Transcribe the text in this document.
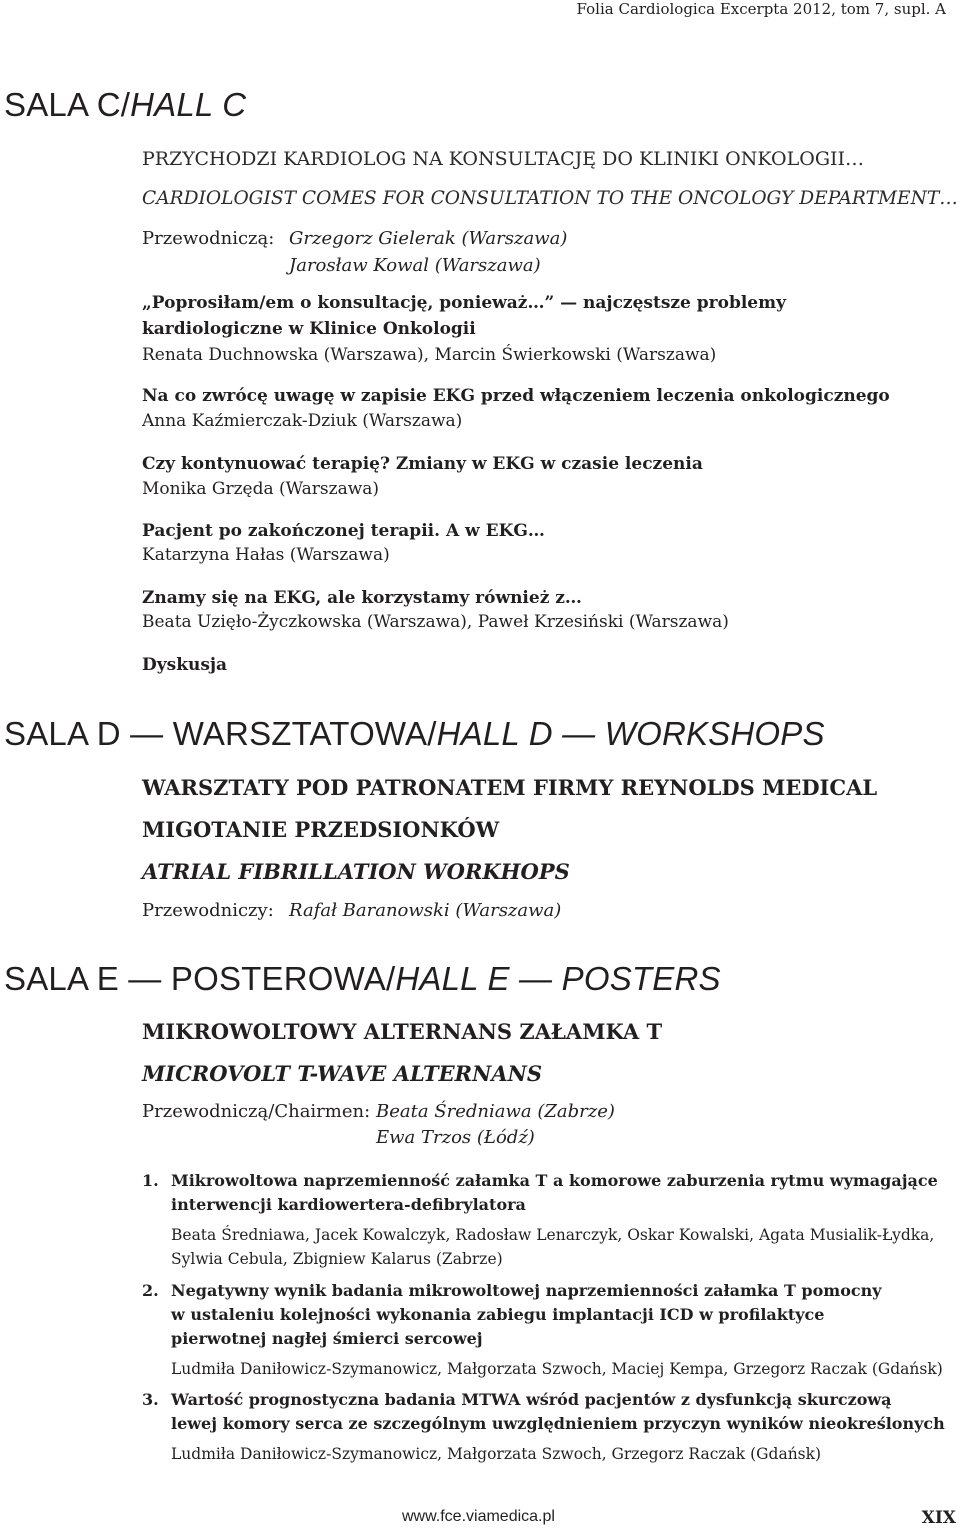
Folia Cardiologica Excerpta 2012, tom 7, supl. A
SALA C/HALL C
PRZYCHODZI KARDIOLOG NA KONSULTACJĘ DO KLINIKI ONKOLOGII…
CARDIOLOGIST COMES FOR CONSULTATION TO THE ONCOLOGY DEPARTMENT…
Przewodniczą: Grzegorz Gielerak (Warszawa)
Jarosław Kowal (Warszawa)
„Poprosiłam/em o konsultację, ponieważ…” — najczęstsze problemy
kardiologiczne w Klinice Onkologii
Renata Duchnowska (Warszawa), Marcin Świerkowski (Warszawa)
Na co zwrócę uwagę w zapisie EKG przed włączeniem leczenia onkologicznego
Anna Kaźmierczak-Dziuk (Warszawa)
Czy kontynuować terapię? Zmiany w EKG w czasie leczenia
Monika Grzęda (Warszawa)
Pacjent po zakończonej terapii. A w EKG…
Katarzyna Hałas (Warszawa)
Znamy się na EKG, ale korzystamy również z…
Beata Uzięło-Życzkowska (Warszawa), Paweł Krzesiński (Warszawa)
Dyskusja
SALA D — WARSZTATOWA/HALL D — WORKSHOPS
WARSZTATY POD PATRONATEM FIRMY REYNOLDS MEDICAL
MIGOTANIE PRZEDSIONKÓW
ATRIAL FIBRILLATION WORKHOPS
Przewodniczy: Rafał Baranowski (Warszawa)
SALA E — POSTEROWA/HALL E — POSTERS
MIKROWOLTOWY ALTERNANS ZAŁAMKA T
MICROVOLT T-WAVE ALTERNANS
Przewodniczą/Chairmen: Beata Średniawa (Zabrze)
Ewa Trzos (Łódź)
1. Mikrowoltowa naprzemienność załamka T a komorowe zaburzenia rytmu wymagające
interwencji kardiowertera-defibrylatora
Beata Średniawa, Jacek Kowalczyk, Radosław Lenarczyk, Oskar Kowalski, Agata Musialik-Łydka,
Sylwia Cebula, Zbigniew Kalarus (Zabrze)
2. Negatywny wynik badania mikrowoltowej naprzemienności załamka T pomocny
w ustaleniu kolejności wykonania zabiegu implantacji ICD w profilaktyce
pierwotnej nagłej śmierci sercowej
Ludmiła Daniłowicz-Szymanowicz, Małgorzata Szwoch, Maciej Kempa, Grzegorz Raczak (Gdańsk)
3. Wartość prognostyczna badania MTWA wśród pacjentów z dysfunkcją skurczową
lewej komory serca ze szczególnym uwzględnieniem przyczyn wyników nieokreślonych
Ludmiła Daniłowicz-Szymanowicz, Małgorzata Szwoch, Grzegorz Raczak (Gdańsk)
www.fce.viamedica.pl	XIX
